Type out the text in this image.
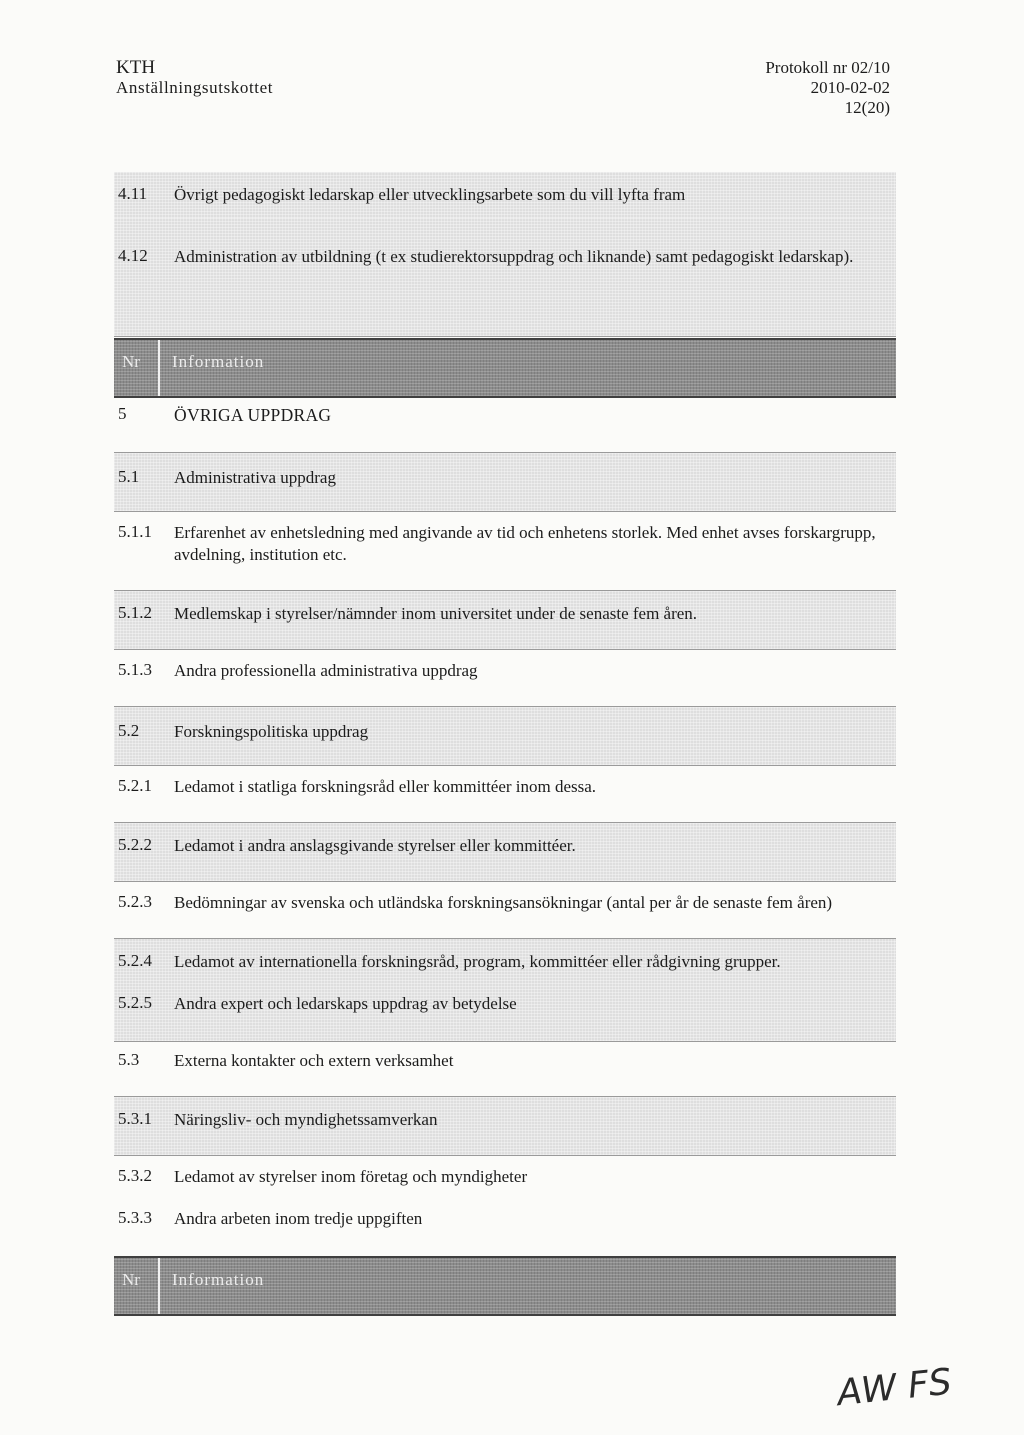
KTH
Anställningsutskottet
Protokoll nr 02/10
2010-02-02
12(20)
4.11 Övrigt pedagogiskt ledarskap eller utvecklingsarbete som du vill lyfta fram
4.12 Administration av utbildning (t ex studierektorsuppdrag och liknande) samt pedagogiskt ledarskap).
Nr Information
5	ÖVRIGA UPPDRAG
5.1 Administrativa uppdrag
5.1.1 Erfarenhet av enhetsledning med angivande av tid och enhetens storlek. Med enhet avses forskargrupp, avdelning, institution etc.
5.1.2 Medlemskap i styrelser/nämnder inom universitet under de senaste fem åren.
5.1.3 Andra professionella administrativa uppdrag
5.2 Forskningspolitiska uppdrag
5.2.1 Ledamot i statliga forskningsråd eller kommittéer inom dessa.
5.2.2 Ledamot i andra anslagsgivande styrelser eller kommittéer.
5.2.3 Bedömningar av svenska och utländska forskningsansökningar (antal per år de senaste fem åren)
5.2.4 Ledamot av internationella forskningsråd, program, kommittéer eller rådgivning grupper.
5.2.5 Andra expert och ledarskaps uppdrag av betydelse
5.3 Externa kontakter och extern verksamhet
5.3.1 Näringsliv- och myndighetssamverkan
5.3.2 Ledamot av styrelser inom företag och myndigheter
5.3.3 Andra arbeten inom tredje uppgiften
Nr Information
AW FS
